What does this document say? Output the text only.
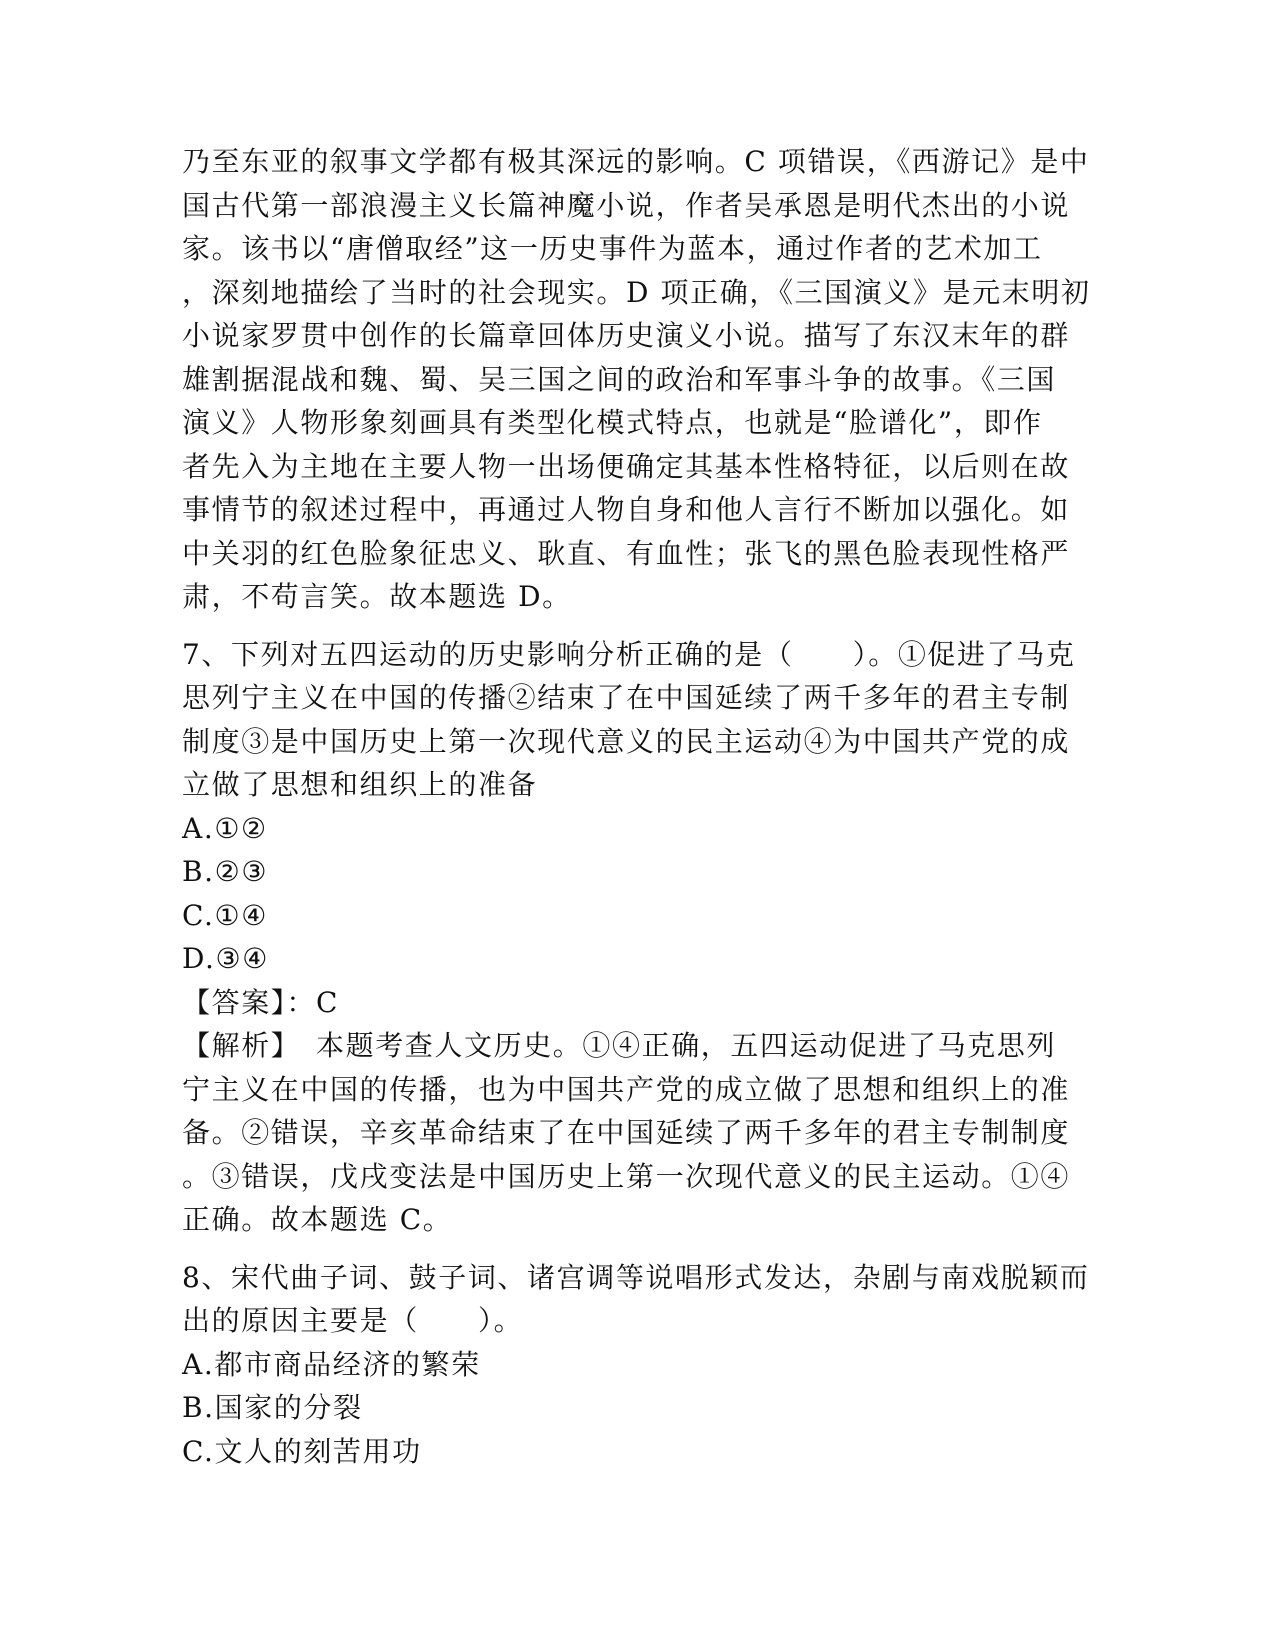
乃至东亚的叙事文学都有极其深远的影响。C 项错误，《西游记》是中
国古代第一部浪漫主义长篇神魔小说，作者吴承恩是明代杰出的小说
家。该书以“唐僧取经”这一历史事件为蓝本，通过作者的艺术加工
，深刻地描绘了当时的社会现实。D 项正确，《三国演义》是元末明初
小说家罗贯中创作的长篇章回体历史演义小说。描写了东汉末年的群
雄割据混战和魏、蜀、吴三国之间的政治和军事斗争的故事。《三国
演义》人物形象刻画具有类型化模式特点，也就是“脸谱化”，即作
者先入为主地在主要人物一出场便确定其基本性格特征，以后则在故
事情节的叙述过程中，再通过人物自身和他人言行不断加以强化。如
中关羽的红色脸象征忠义、耿直、有血性；张飞的黑色脸表现性格严
肃，不苟言笑。故本题选 D。
7、下列对五四运动的历史影响分析正确的是（　　）。①促进了马克
思列宁主义在中国的传播②结束了在中国延续了两千多年的君主专制
制度③是中国历史上第一次现代意义的民主运动④为中国共产党的成
立做了思想和组织上的准备
A.①②
B.②③
C.①④
D.③④
【答案】：C
【解析】　本题考查人文历史。①④正确，五四运动促进了马克思列
宁主义在中国的传播，也为中国共产党的成立做了思想和组织上的准
备。②错误，辛亥革命结束了在中国延续了两千多年的君主专制制度
。③错误，戊戌变法是中国历史上第一次现代意义的民主运动。①④
正确。故本题选 C。
8、宋代曲子词、鼓子词、诸宫调等说唱形式发达，杂剧与南戏脱颖而
出的原因主要是（　　）。
A.都市商品经济的繁荣
B.国家的分裂
C.文人的刻苦用功
